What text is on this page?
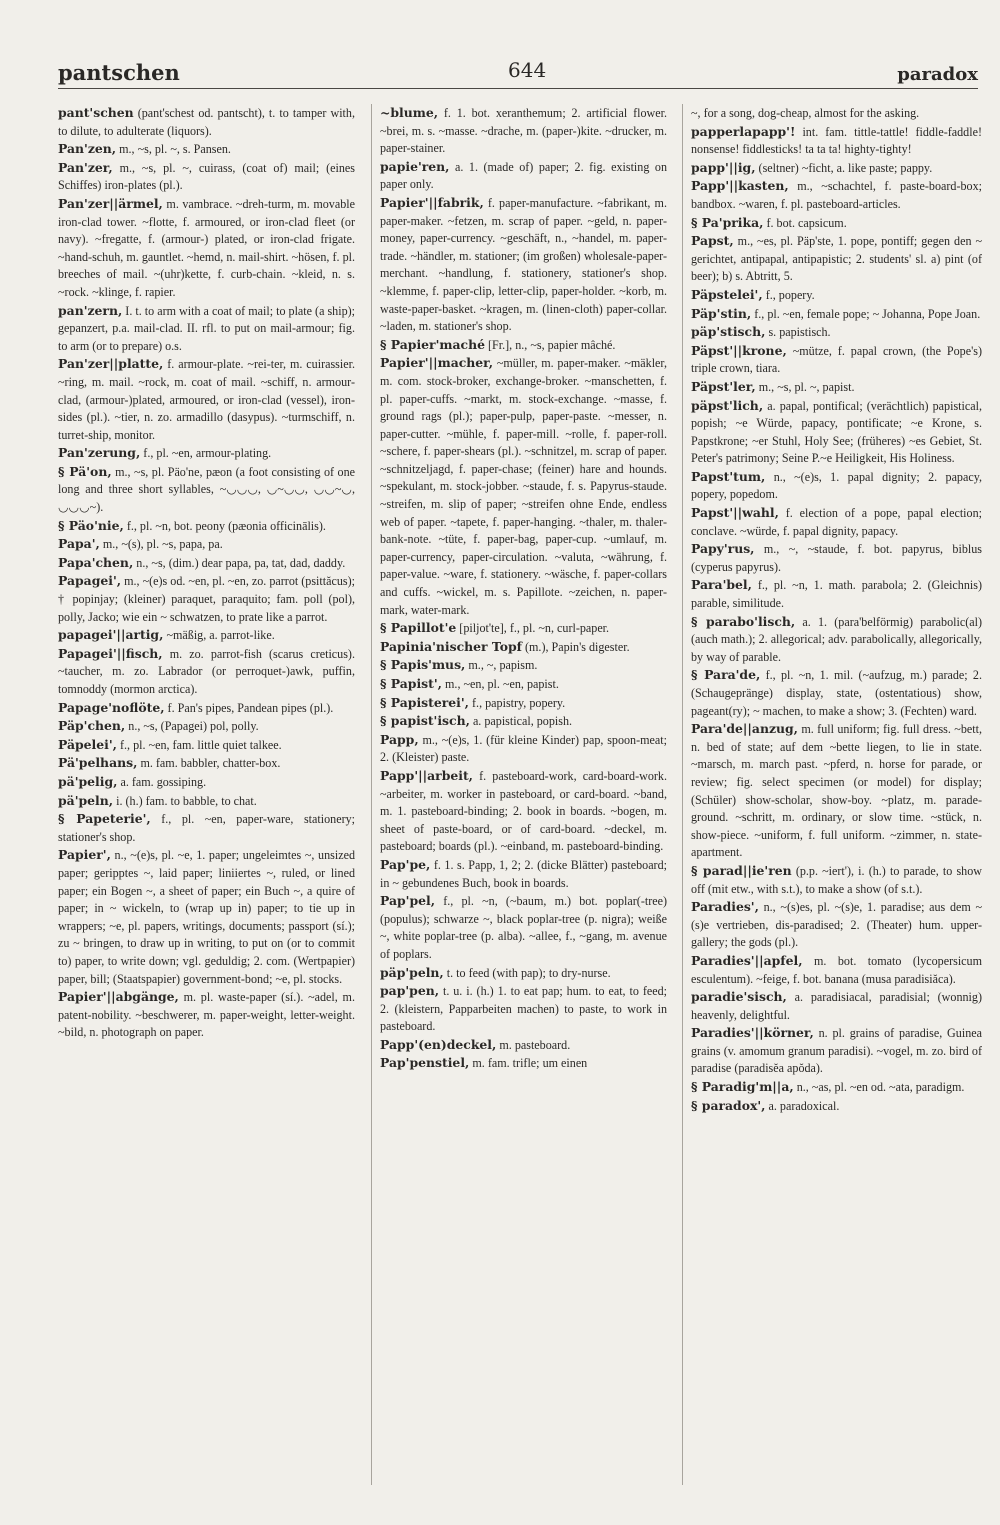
pantschen	644	paradox
pant'schen (pant'schest od. pantscht), t. to tamper with, to dilute, to adulterate (liquors).
Pan'zen, m., ~s, pl. ~, s. Pansen.
Pan'zer, m., ~s, pl. ~, cuirass, (coat of) mail; (eines Schiffes) iron-plates (pl.).
Pan'zer||ärmel, m. vambrace. ~dreh-turm, m. movable iron-clad tower. ~flotte, f. armoured, or iron-clad fleet (or navy). ~fregatte, f. (armour-) plated, or iron-clad frigate. ~hand-schuh, m. gauntlet. ~hemd, n. mail-shirt. ~hösen, f. pl. breeches of mail. ~(uhr)kette, f. curb-chain. ~kleid, n. s. ~rock. ~klinge, f. rapier.
pan'zern, I. t. to arm with a coat of mail; to plate (a ship); gepanzert, p.a. mail-clad. II. rfl. to put on mail-armour; fig. to arm (or to prepare) o.s.
Pan'zer||platte, f. armour-plate. ~rei-ter, m. cuirassier. ~ring, m. mail. ~rock, m. coat of mail. ~schiff, n. armour-clad, (armour-)plated, armoured, or iron-clad (vessel), iron-sides (pl.). ~tier, n. zo. armadillo (dasypus). ~turmschiff, n. turret-ship, monitor.
Pan'zerung, f., pl. ~en, armour-plating.
§ Pä'on, m., ~s, pl. Päo'ne, pæon (a foot consisting of one long and three short syllables, ~◡◡◡, ◡~◡◡, ◡◡~◡, ◡◡◡~).
§ Päo'nie, f., pl. ~n, bot. peony (pæonia officinālis).
Papa', m., ~(s), pl. ~s, papa, pa.
Papa'chen, n., ~s, (dim.) dear papa, pa, tat, dad, daddy.
Papagei', m., ~(e)s od. ~en, pl. ~en, zo. parrot (psittăcus); † popinjay; (kleiner) paraquet, paraquito; fam. poll (pol), polly, Jacko; wie ein ~ schwatzen, to prate like a parrot.
papagei'||artig, ~mäßig, a. parrot-like.
Papagei'||fisch, m. zo. parrot-fish (scarus creticus). ~taucher, m. zo. Labrador (or perroquet-)awk, puffin, tomnoddy (mormon arctica).
Papage'noflöte, f. Pan's pipes, Pandean pipes (pl.).
Päp'chen, n., ~s, (Papagei) pol, polly.
Päpelei', f., pl. ~en, fam. little quiet talkee.
Pä'pelhans, m. fam. babbler, chatter-box.
pä'pelig, a. fam. gossiping.
pä'peln, i. (h.) fam. to babble, to chat.
§ Papeterie', f., pl. ~en, paper-ware, stationery; stationer's shop.
Papier', n., ~(e)s, pl. ~e, 1. paper; ungeleimtes ~, unsized paper; geripptes ~, laid paper; liniiertes ~, ruled, or lined paper; ein Bogen ~, a sheet of paper; ein Buch ~, a quire of paper; in ~ wickeln, to (wrap up in) paper; to tie up in wrappers; ~e, pl. papers, writings, documents; passport (sí.); zu ~ bringen, to draw up in writing, to put on (or to commit to) paper, to write down; vgl. geduldig; 2. com. (Wertpapier) paper, bill; (Staatspapier) government-bond; ~e, pl. stocks.
Papier'||abgänge, m. pl. waste-paper (sí.). ~adel, m. patent-nobility. ~beschwerer, m. paper-weight, letter-weight. ~bild, n. photograph on paper.
~blume, f. 1. bot. xeranthemum; 2. artificial flower. ~brei, m. s. ~masse. ~drache, m. (paper-)kite. ~drucker, m. paper-stainer.
papie'ren, a. 1. (made of) paper; 2. fig. existing on paper only.
Papier'||fabrik, f. paper-manufacture. ~fabrikant, m. paper-maker. ~fetzen, m. scrap of paper. ~geld, n. paper-money, paper-currency. ~geschäft, n., ~handel, m. paper-trade. ~händler, m. stationer; (im großen) wholesale-paper-merchant. ~handlung, f. stationery, stationer's shop. ~klemme, f. paper-clip, letter-clip, paper-holder. ~korb, m. waste-paper-basket. ~kragen, m. (linen-cloth) paper-collar. ~laden, m. stationer's shop.
§ Papier'maché [Fr.], n., ~s, papier mâché.
Papier'||macher, ~müller, m. paper-maker. ~mäkler, m. com. stock-broker, exchange-broker. ~manschetten, f. pl. paper-cuffs. ~markt, m. stock-exchange. ~masse, f. ground rags (pl.); paper-pulp, paper-paste. ~messer, n. paper-cutter. ~mühle, f. paper-mill. ~rolle, f. paper-roll. ~schere, f. paper-shears (pl.). ~schnitzel, m. scrap of paper. ~schnitzeljagd, f. paper-chase; (feiner) hare and hounds. ~spekulant, m. stock-jobber. ~staude, f. s. Papyrus-staude. ~streifen, m. slip of paper; ~streifen ohne Ende, endless web of paper. ~tapete, f. paper-hanging. ~thaler, m. thaler-bank-note. ~tüte, f. paper-bag, paper-cup. ~umlauf, m. paper-currency, paper-circulation. ~valuta, ~währung, f. paper-value. ~ware, f. stationery. ~wäsche, f. paper-collars and cuffs. ~wickel, m. s. Papillote. ~zeichen, n. paper-mark, water-mark.
§ Papillot'e [piljot'te], f., pl. ~n, curl-paper.
Papinia'nischer Topf (m.), Papin's digester.
§ Papis'mus, m., ~, papism.
§ Papist', m., ~en, pl. ~en, papist.
§ Papisterei', f., papistry, popery.
§ papist'isch, a. papistical, popish.
Papp, m., ~(e)s, 1. (für kleine Kinder) pap, spoon-meat; 2. (Kleister) paste.
Papp'||arbeit, f. pasteboard-work, card-board-work. ~arbeiter, m. worker in pasteboard, or card-board. ~band, m. 1. pasteboard-binding; 2. book in boards. ~bogen, m. sheet of paste-board, or of card-board. ~deckel, m. pasteboard; boards (pl.). ~einband, m. pasteboard-binding.
Pap'pe, f. 1. s. Papp, 1, 2; 2. (dicke Blätter) pasteboard; in ~ gebundenes Buch, book in boards.
Pap'pel, f., pl. ~n, (~baum, m.) bot. poplar(-tree) (populus); schwarze ~, black poplar-tree (p. nigra); weiße ~, white poplar-tree (p. alba). ~allee, f., ~gang, m. avenue of poplars.
päp'peln, t. to feed (with pap); to dry-nurse.
pap'pen, t. u. i. (h.) 1. to eat pap; hum. to eat, to feed; 2. (kleistern, Papparbeiten machen) to paste, to work in pasteboard.
Papp'(en)deckel, m. pasteboard.
Pap'penstiel, m. fam. trifle; um einen
~, for a song, dog-cheap, almost for the asking.
papperlapapp'! int. fam. tittle-tattle! fiddle-faddle! nonsense! fiddlesticks! ta ta ta! highty-tighty!
papp'||ig, (seltner) ~ficht, a. like paste; pappy.
Papp'||kasten, m., ~schachtel, f. paste-board-box; bandbox. ~waren, f. pl. pasteboard-articles.
§ Pa'prika, f. bot. capsicum.
Papst, m., ~es, pl. Päp'ste, 1. pope, pontiff; gegen den ~ gerichtet, antipapal, antipapistic; 2. students' sl. a) pint (of beer); b) s. Abtritt, 5.
Päpstelei', f., popery.
Päp'stin, f., pl. ~en, female pope; ~ Johanna, Pope Joan.
päp'stisch, s. papistisch.
Päpst'||krone, ~mütze, f. papal crown, (the Pope's) triple crown, tiara.
Päpst'ler, m., ~s, pl. ~, papist.
päpst'lich, a. papal, pontifical; (verächtlich) papistical, popish; ~e Würde, papacy, pontificate; ~e Krone, s. Papstkrone; ~er Stuhl, Holy See; (früheres) ~es Gebiet, St. Peter's patrimony; Seine P.~e Heiligkeit, His Holiness.
Papst'tum, n., ~(e)s, 1. papal dignity; 2. papacy, popery, popedom.
Papst'||wahl, f. election of a pope, papal election; conclave. ~würde, f. papal dignity, papacy.
Papy'rus, m., ~, ~staude, f. bot. papyrus, biblus (cyperus papyrus).
Para'bel, f., pl. ~n, 1. math. parabola; 2. (Gleichnis) parable, similitude.
§ parabo'lisch, a. 1. (para'belförmig) parabolic(al) (auch math.); 2. allegorical; adv. parabolically, allegorically, by way of parable.
§ Para'de, f., pl. ~n, 1. mil. (~aufzug, m.) parade; 2. (Schaugepränge) display, state, (ostentatious) show, pageant(ry); ~ machen, to make a show; 3. (Fechten) ward.
Para'de||anzug, m. full uniform; fig. full dress. ~bett, n. bed of state; auf dem ~bette liegen, to lie in state. ~marsch, m. march past. ~pferd, n. horse for parade, or review; fig. select specimen (or model) for display; (Schüler) show-scholar, show-boy. ~platz, m. parade-ground. ~schritt, m. ordinary, or slow time. ~stück, n. show-piece. ~uniform, f. full uniform. ~zimmer, n. state-apartment.
§ parad||ie'ren (p.p. ~iert'), i. (h.) to parade, to show off (mit etw., with s.t.), to make a show (of s.t.).
Paradies', n., ~(s)es, pl. ~(s)e, 1. paradise; aus dem ~(s)e vertrieben, dis-paradised; 2. (Theater) hum. upper-gallery; the gods (pl.).
Paradies'||apfel, m. bot. tomato (lycopersicum esculentum). ~feige, f. bot. banana (musa paradisiăca).
paradie'sisch, a. paradisiacal, paradisial; (wonnig) heavenly, delightful.
Paradies'||körner, n. pl. grains of paradise, Guinea grains (v. amomum granum paradisi). ~vogel, m. zo. bird of paradise (paradisĕa apŏda).
§ Paradig'm||a, n., ~as, pl. ~en od. ~ata, paradigm.
§ paradox', a. paradoxical.
